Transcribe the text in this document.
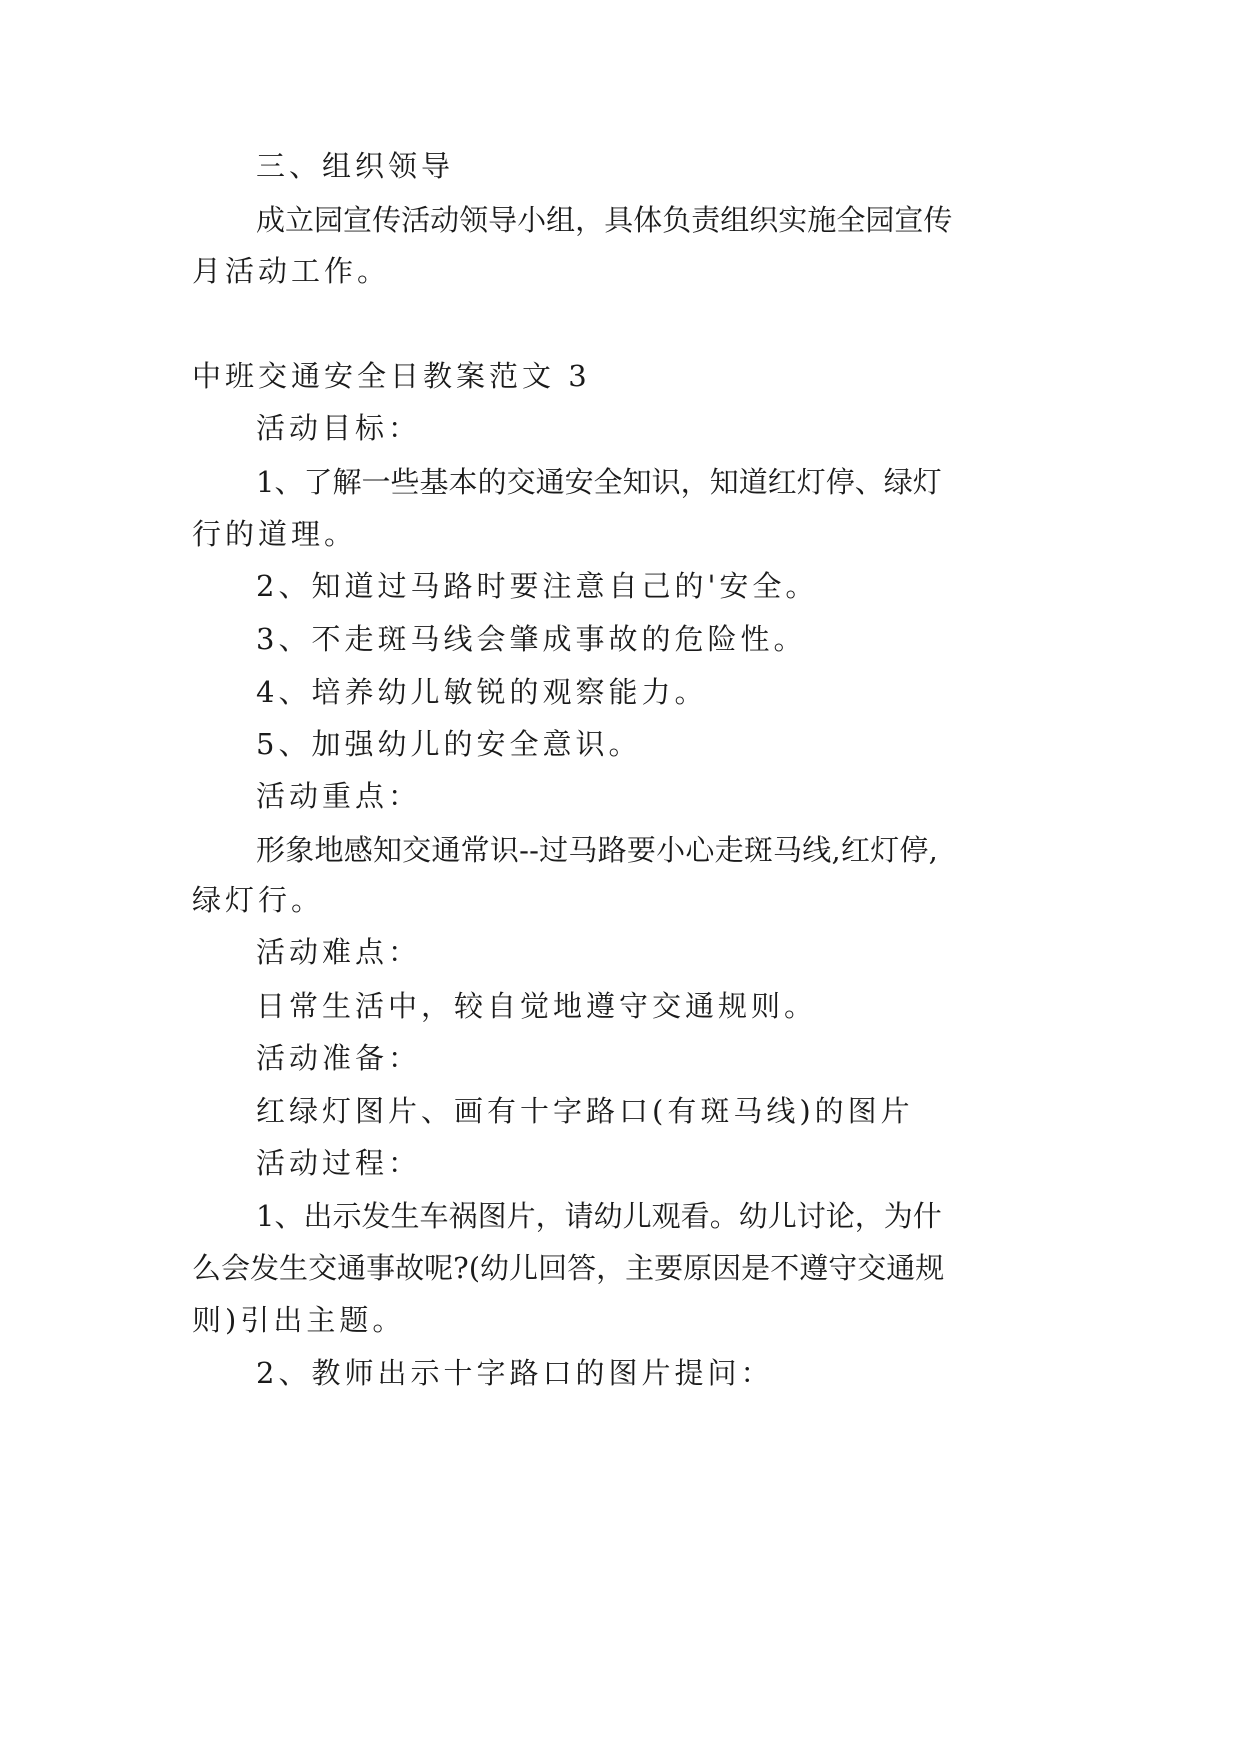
三、组织领导
成 立 园 宣 传 活 动 领 导 小 组 ， 具 体 负 责 组 织 实 施 全 园 宣 传
月活动工作。
中班交通安全日教案范文 3
活动目标：
1 、 了 解 一 些 基 本 的 交 通 安 全 知 识 ， 知 道 红 灯 停 、 绿 灯
行的道理。
2、知道过马路时要注意自己的'安全。
3、不走斑马线会肇成事故的危险性。
4、培养幼儿敏锐的观察能力。
5、加强幼儿的安全意识。
活动重点：
形 象 地 感 知 交 通 常 识 - - 过 马 路 要 小 心 走 斑 马 线 , 红 灯 停 ,
绿灯行。
活动难点：
日常生活中，较自觉地遵守交通规则。
活动准备：
红绿灯图片、画有十字路口(有斑马线)的图片
活动过程：
1 、 出 示 发 生 车 祸 图 片 ， 请 幼 儿 观 看 。 幼 儿 讨 论 ， 为 什
么 会 发 生 交 通 事 故 呢 ? ( 幼 儿 回 答 ， 主 要 原 因 是 不 遵 守 交 通 规
则)引出主题。
2、教师出示十字路口的图片提问：
